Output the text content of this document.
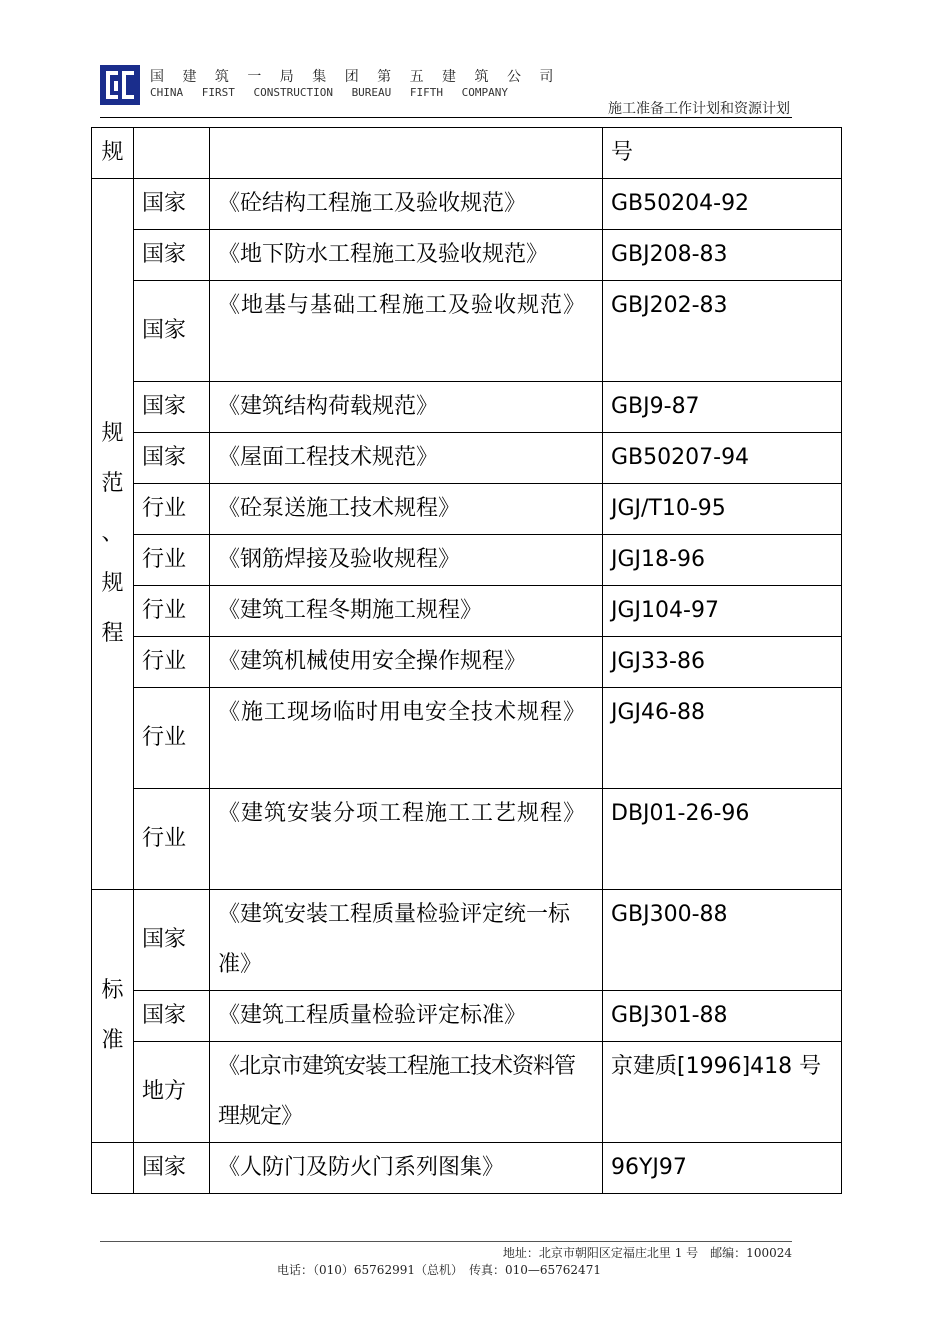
国 建 筑 一 局 集 团 第 五 建 筑 公 司
CHINA FIRST CONSTRUCTION BUREAU FIFTH COMPANY
施工准备工作计划和资源计划
规			号

规
范
、
规
程	国家	《砼结构工程施工及验收规范》	GB50204-92
	国家	《地下防水工程施工及验收规范》	GBJ208-83
	国家	《地基与基础工程施工及验收规范》	GBJ202-83
	国家	《建筑结构荷载规范》	GBJ9-87
	国家	《屋面工程技术规范》	GB50207-94
	行业	《砼泵送施工技术规程》	JGJ/T10-95
	行业	《钢筋焊接及验收规程》	JGJ18-96
	行业	《建筑工程冬期施工规程》	JGJ104-97
	行业	《建筑机械使用安全操作规程》	JGJ33-86
	行业	《施工现场临时用电安全技术规程》	JGJ46-88
	行业	《建筑安装分项工程施工工艺规程》	DBJ01-26-96

标
准	国家	《建筑安装工程质量检验评定统一标准》	GBJ300-88
	国家	《建筑工程质量检验评定标准》	GBJ301-88
	地方	《北京市建筑安装工程施工技术资料管理规定》	京建质[1996]418 号
	国家	《人防门及防火门系列图集》	96YJ97
地址：北京市朝阳区定福庄北里 1 号　邮编：100024
电话：（010）65762991（总机）　传真：010—65762471
